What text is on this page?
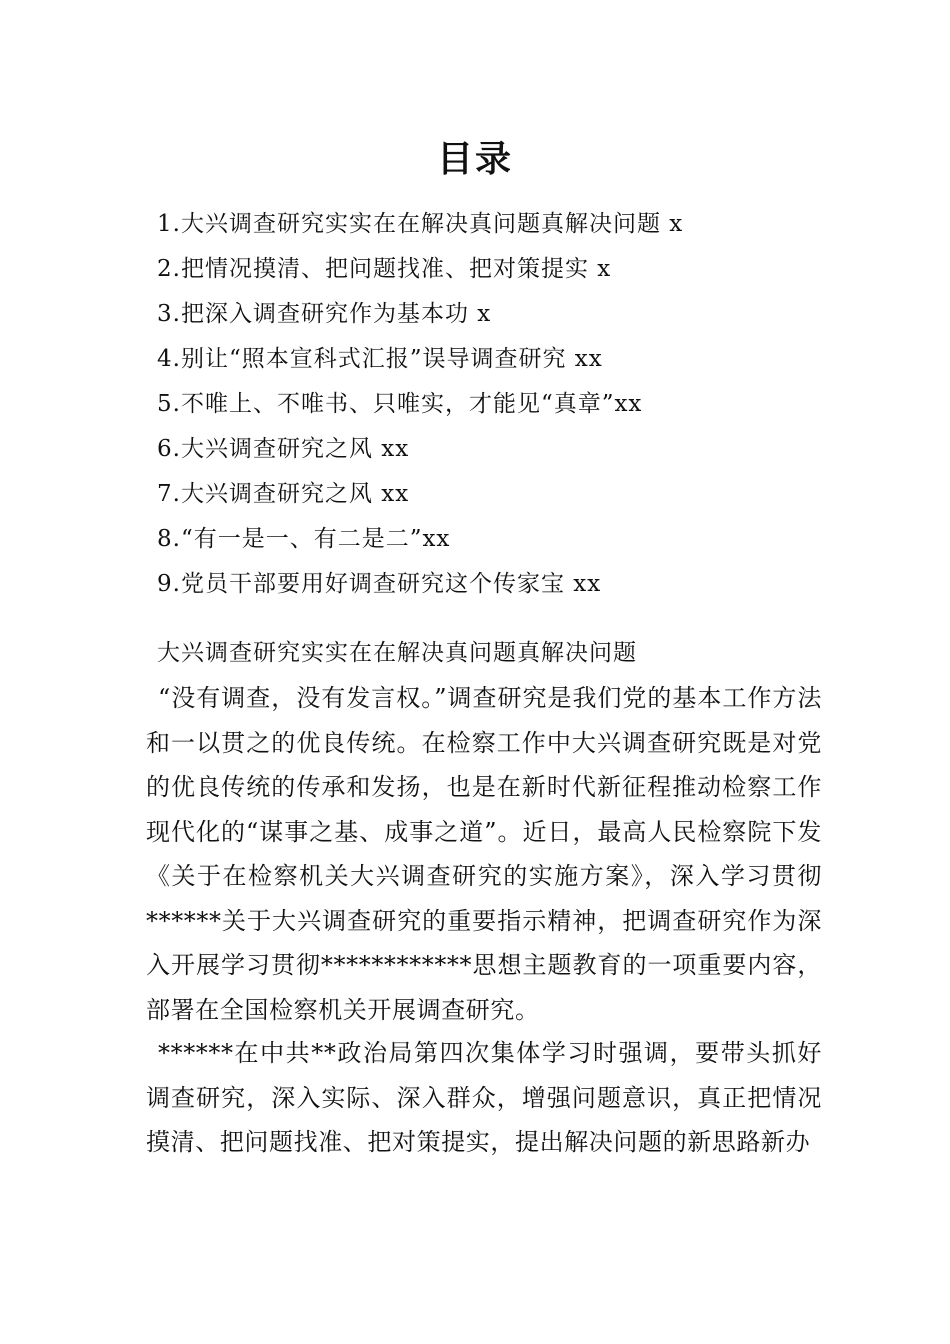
目录
1.大兴调查研究实实在在解决真问题真解决问题 x
2.把情况摸清、把问题找准、把对策提实 x
3.把深入调查研究作为基本功 x
4.别让“照本宣科式汇报”误导调查研究 xx
5.不唯上、不唯书、只唯实，才能见“真章”xx
6.大兴调查研究之风 xx
7.大兴调查研究之风 xx
8.“有一是一、有二是二”xx
9.党员干部要用好调查研究这个传家宝 xx
大兴调查研究实实在在解决真问题真解决问题

“没有调查，没有发言权。”调查研究是我们党的基本工作方法和一以贯之的优良传统。在检察工作中大兴调查研究既是对党的优良传统的传承和发扬，也是在新时代新征程推动检察工作现代化的“谋事之基、成事之道”。近日，最高人民检察院下发《关于在检察机关大兴调查研究的实施方案》，深入学习贯彻******关于大兴调查研究的重要指示精神，把调查研究作为深入开展学习贯彻************思想主题教育的一项重要内容，部署在全国检察机关开展调查研究。

******在中共**政治局第四次集体学习时强调，要带头抓好调查研究，深入实际、深入群众，增强问题意识，真正把情况摸清、把问题找准、把对策提实，提出解决问题的新思路新办
